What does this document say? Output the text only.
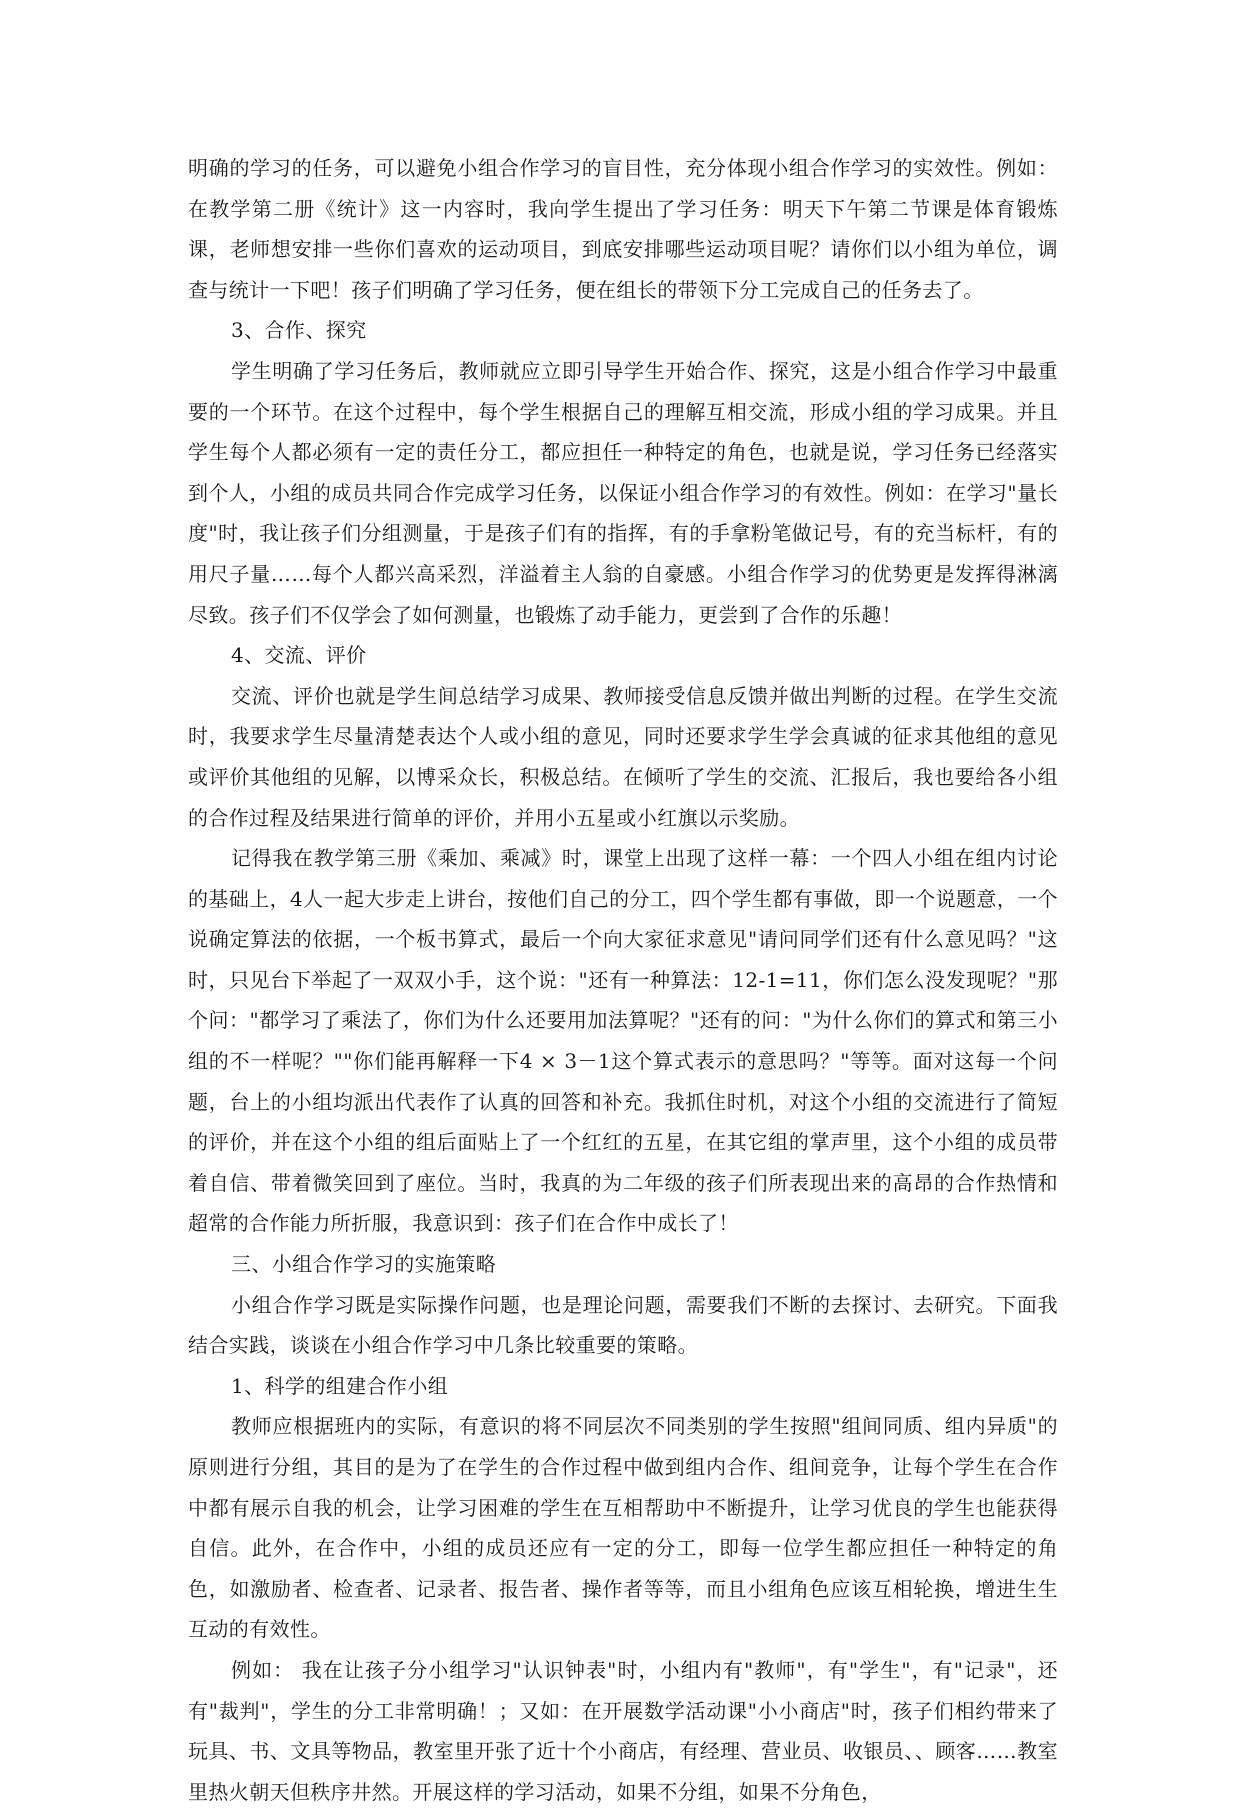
明确的学习的任务，可以避免小组合作学习的盲目性，充分体现小组合作学习的实效性。例如：在教学第二册《统计》这一内容时，我向学生提出了学习任务：明天下午第二节课是体育锻炼课，老师想安排一些你们喜欢的运动项目，到底安排哪些运动项目呢？请你们以小组为单位，调查与统计一下吧！孩子们明确了学习任务，便在组长的带领下分工完成自己的任务去了。

3、合作、探究

学生明确了学习任务后，教师就应立即引导学生开始合作、探究，这是小组合作学习中最重要的一个环节。在这个过程中，每个学生根据自己的理解互相交流，形成小组的学习成果。并且学生每个人都必须有一定的责任分工，都应担任一种特定的角色，也就是说，学习任务已经落实到个人，小组的成员共同合作完成学习任务，以保证小组合作学习的有效性。例如：在学习"量长度"时，我让孩子们分组测量，于是孩子们有的指挥，有的手拿粉笔做记号，有的充当标杆，有的用尺子量……每个人都兴高采烈，洋溢着主人翁的自豪感。小组合作学习的优势更是发挥得淋漓尽致。孩子们不仅学会了如何测量，也锻炼了动手能力，更尝到了合作的乐趣！

4、交流、评价

交流、评价也就是学生间总结学习成果、教师接受信息反馈并做出判断的过程。在学生交流时，我要求学生尽量清楚表达个人或小组的意见，同时还要求学生学会真诚的征求其他组的意见或评价其他组的见解，以博采众长，积极总结。在倾听了学生的交流、汇报后，我也要给各小组的合作过程及结果进行简单的评价，并用小五星或小红旗以示奖励。

记得我在教学第三册《乘加、乘减》时，课堂上出现了这样一幕：一个四人小组在组内讨论的基础上，4人一起大步走上讲台，按他们自己的分工，四个学生都有事做，即一个说题意，一个说确定算法的依据，一个板书算式，最后一个向大家征求意见"请问同学们还有什么意见吗？"这时，只见台下举起了一双双小手，这个说："还有一种算法：12-1=11，你们怎么没发现呢？"那个问："都学习了乘法了，你们为什么还要用加法算呢？"还有的问："为什么你们的算式和第三小组的不一样呢？""你们能再解释一下4 × 3－1这个算式表示的意思吗？"等等。面对这每一个问题，台上的小组均派出代表作了认真的回答和补充。我抓住时机，对这个小组的交流进行了简短的评价，并在这个小组的组后面贴上了一个红红的五星，在其它组的掌声里，这个小组的成员带着自信、带着微笑回到了座位。当时，我真的为二年级的孩子们所表现出来的高昂的合作热情和超常的合作能力所折服，我意识到：孩子们在合作中成长了！

三、小组合作学习的实施策略

小组合作学习既是实际操作问题，也是理论问题，需要我们不断的去探讨、去研究。下面我结合实践，谈谈在小组合作学习中几条比较重要的策略。

1、科学的组建合作小组

教师应根据班内的实际，有意识的将不同层次不同类别的学生按照"组间同质、组内异质"的原则进行分组，其目的是为了在学生的合作过程中做到组内合作、组间竞争，让每个学生在合作中都有展示自我的机会，让学习困难的学生在互相帮助中不断提升，让学习优良的学生也能获得自信。此外，在合作中，小组的成员还应有一定的分工，即每一位学生都应担任一种特定的角色，如激励者、检查者、记录者、报告者、操作者等等，而且小组角色应该互相轮换，增进生生互动的有效性。

例如： 我在让孩子分小组学习"认识钟表"时，小组内有"教师"，有"学生"，有"记录"，还有"裁判"，学生的分工非常明确！；又如：在开展数学活动课"小小商店"时，孩子们相约带来了玩具、书、文具等物品，教室里开张了近十个小商店，有经理、营业员、收银员、、顾客……教室里热火朝天但秩序井然。开展这样的学习活动，如果不分组，如果不分角色，
